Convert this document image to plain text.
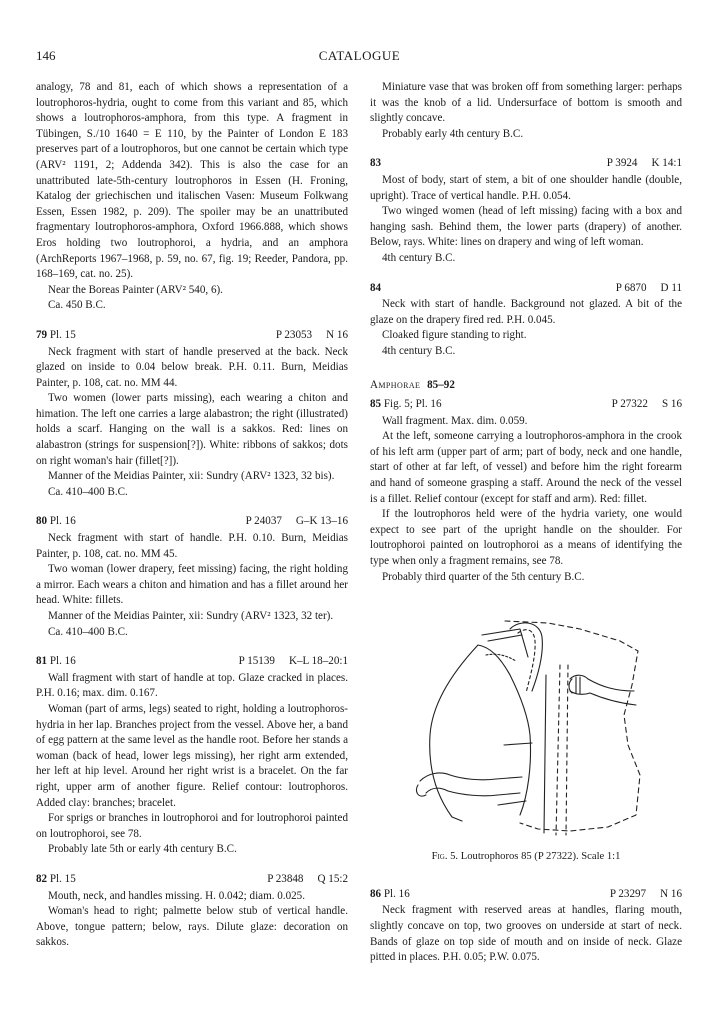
146	CATALOGUE

analogy, 78 and 81, each of which shows a representation of a loutrophoros-hydria, ought to come from this variant and 85, which shows a loutrophoros-amphora, from this type. A fragment in Tübingen, S./10 1640 = E 110, by the Painter of London E 183 preserves part of a loutrophoros, but one cannot be certain which type (ARV² 1191, 2; Addenda 342). This is also the case for an unattributed late-5th-century loutrophoros in Essen (H. Froning, Katalog der griechischen und italischen Vasen: Museum Folkwang Essen, Essen 1982, p. 209). The spoiler may be an unattributed fragmentary loutrophoros-amphora, Oxford 1966.888, which shows Eros holding two loutrophoroi, a hydria, and an amphora (ArchReports 1967–1968, p. 59, no. 67, fig. 19; Reeder, Pandora, pp. 168–169, cat. no. 25).

Near the Boreas Painter (ARV² 540, 6).

Ca. 450 B.C.

79 Pl. 15	P 23053 N 16

Neck fragment with start of handle preserved at the back. Neck glazed on inside to 0.04 below break. P.H. 0.11. Burn, Meidias Painter, p. 108, cat. no. MM 44.

Two women (lower parts missing), each wearing a chiton and himation. The left one carries a large alabastron; the right (illustrated) holds a scarf. Hanging on the wall is a sakkos. Red: lines on alabastron (strings for suspension[?]). White: ribbons of sakkos; dots on right woman's hair (fillet[?]).

Manner of the Meidias Painter, xii: Sundry (ARV² 1323, 32 bis).

Ca. 410–400 B.C.

80 Pl. 16	P 24037 G–K 13–16

Neck fragment with start of handle. P.H. 0.10. Burn, Meidias Painter, p. 108, cat. no. MM 45.

Two woman (lower drapery, feet missing) facing, the right holding a mirror. Each wears a chiton and himation and has a fillet around her head. White: fillets.

Manner of the Meidias Painter, xii: Sundry (ARV² 1323, 32 ter).

Ca. 410–400 B.C.

81 Pl. 16	P 15139 K–L 18–20:1

Wall fragment with start of handle at top. Glaze cracked in places. P.H. 0.16; max. dim. 0.167.

Woman (part of arms, legs) seated to right, holding a loutrophoros-hydria in her lap. Branches project from the vessel. Above her, a band of egg pattern at the same level as the handle root. Before her stands a woman (back of head, lower legs missing), her right arm extended, her left at hip level. Around her right wrist is a bracelet. On the far right, upper arm of another figure. Relief contour: loutrophoros. Added clay: branches; bracelet.

For sprigs or branches in loutrophoroi and for loutrophoroi painted on loutrophoroi, see 78.

Probably late 5th or early 4th century B.C.

82 Pl. 15	P 23848 Q 15:2

Mouth, neck, and handles missing. H. 0.042; diam. 0.025.

Woman's head to right; palmette below stub of vertical handle. Above, tongue pattern; below, rays. Dilute glaze: decoration on sakkos.

Miniature vase that was broken off from something larger: perhaps it was the knob of a lid. Undersurface of bottom is smooth and slightly concave.

Probably early 4th century B.C.

83	P 3924 K 14:1

Most of body, start of stem, a bit of one shoulder handle (double, upright). Trace of vertical handle. P.H. 0.054.

Two winged women (head of left missing) facing with a box and hanging sash. Behind them, the lower parts (drapery) of another. Below, rays. White: lines on drapery and wing of left woman.

4th century B.C.

84	P 6870 D 11

Neck with start of handle. Background not glazed. A bit of the glaze on the drapery fired red. P.H. 0.045.

Cloaked figure standing to right.

4th century B.C.

Amphorae 85–92
85 Fig. 5; Pl. 16	P 27322 S 16

Wall fragment. Max. dim. 0.059.

At the left, someone carrying a loutrophoros-amphora in the crook of his left arm (upper part of arm; part of body, neck and one handle, start of other at far left, of vessel) and before him the right forearm and hand of someone grasping a staff. Around the neck of the vessel is a fillet. Relief contour (except for staff and arm). Red: fillet.

If the loutrophoros held were of the hydria variety, one would expect to see part of the upright handle on the shoulder. For loutrophoroi painted on loutrophoroi as a means of identifying the type when only a fragment remains, see 78.

Probably third quarter of the 5th century B.C.

Fig. 5. Loutrophoros 85 (P 27322). Scale 1:1
86 Pl. 16	P 23297 N 16

Neck fragment with reserved areas at handles, flaring mouth, slightly concave on top, two grooves on underside at start of neck. Bands of glaze on top side of mouth and on inside of neck. Glaze pitted in places. P.H. 0.05; P.W. 0.075.
